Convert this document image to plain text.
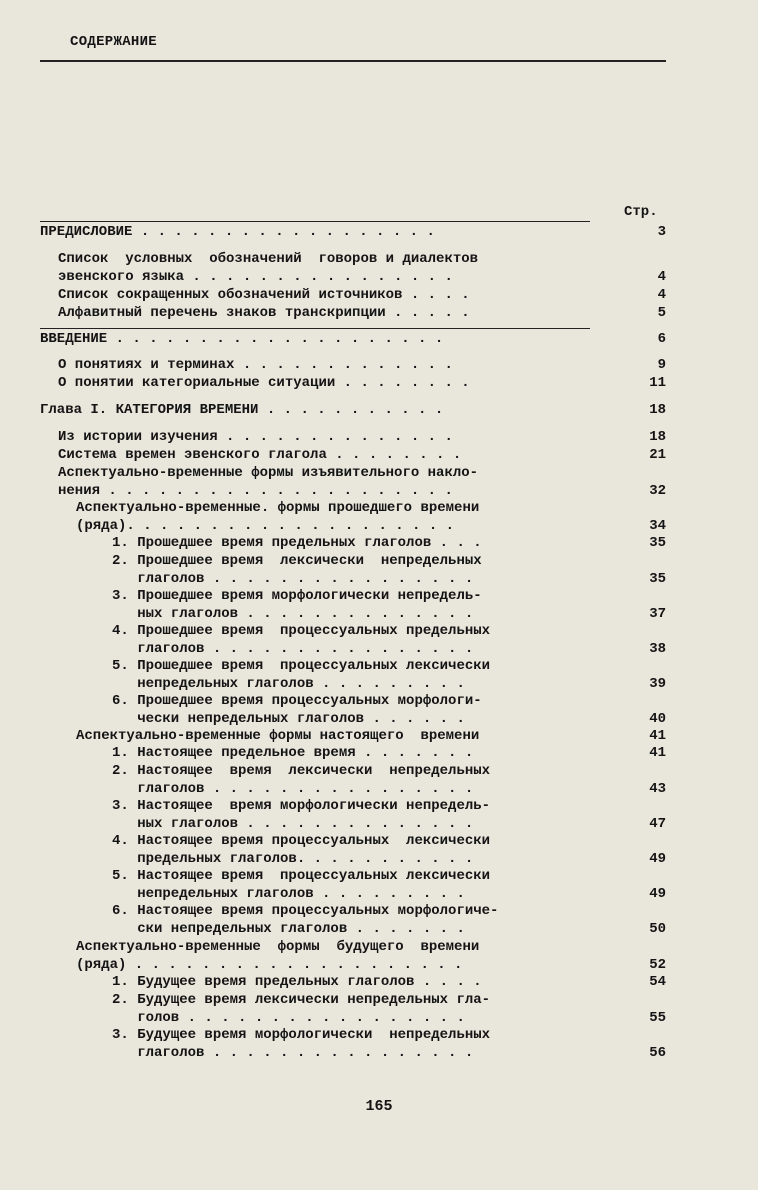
СОДЕРЖАНИЕ
Стр.
ПРЕДИСЛОВИЕ . . . . . . . . . . . . . . . . . .	3
Список  условных  обозначений  говоров и диалектов
эвенского языка . . . . . . . . . . . . . . . .	4
Список сокращенных обозначений источников . . . .	4
Алфавитный перечень знаков транскрипции . . . . .	5
ВВЕДЕНИЕ . . . . . . . . . . . . . . . . . . . .	6
О понятиях и терминах . . . . . . . . . . . . .	9
О понятии категориальные ситуации . . . . . . . .	11
Глава I. КАТЕГОРИЯ ВРЕМЕНИ . . . . . . . . . . .	18
Из истории изучения . . . . . . . . . . . . . .	18
Система времен эвенского глагола . . . . . . . .	21
Аспектуально-временные формы изъявительного накло-
нения . . . . . . . . . . . . . . . . . . . . .	32
Аспектуально-временные. формы прошедшего времени
(ряда). . . . . . . . . . . . . . . . . . . .	34
1. Прошедшее время предельных глаголов . . .	35
2. Прошедшее время  лексически  непредельных
глаголов . . . . . . . . . . . . . . . .	35
3. Прошедшее время морфологически непредель-
ных глаголов . . . . . . . . . . . . . .	37
4. Прошедшее время  процессуальных предельных
глаголов . . . . . . . . . . . . . . . .	38
5. Прошедшее время  процессуальных лексически
непредельных глаголов . . . . . . . . .	39
6. Прошедшее время процессуальных морфологи-
чески непредельных глаголов . . . . . .	40
Аспектуально-временные формы настоящего  времени	41
1. Настоящее предельное время . . . . . . .	41
2. Настоящее  время  лексически  непредельных
глаголов . . . . . . . . . . . . . . . .	43
3. Настоящее  время морфологически непредель-
ных глаголов . . . . . . . . . . . . . .	47
4. Настоящее время процессуальных  лексически
предельных глаголов. . . . . . . . . . .	49
5. Настоящее время  процессуальных лексически
непредельных глаголов . . . . . . . . .	49
6. Настоящее время процессуальных морфологиче-
ски непредельных глаголов . . . . . . .	50
Аспектуально-временные  формы  будущего  времени
(ряда) . . . . . . . . . . . . . . . . . . . .	52
1. Будущее время предельных глаголов . . . .	54
2. Будущее время лексически непредельных гла-
голов . . . . . . . . . . . . . . . . .	55
3. Будущее время морфологически  непредельных
глаголов . . . . . . . . . . . . . . . .	56
165
